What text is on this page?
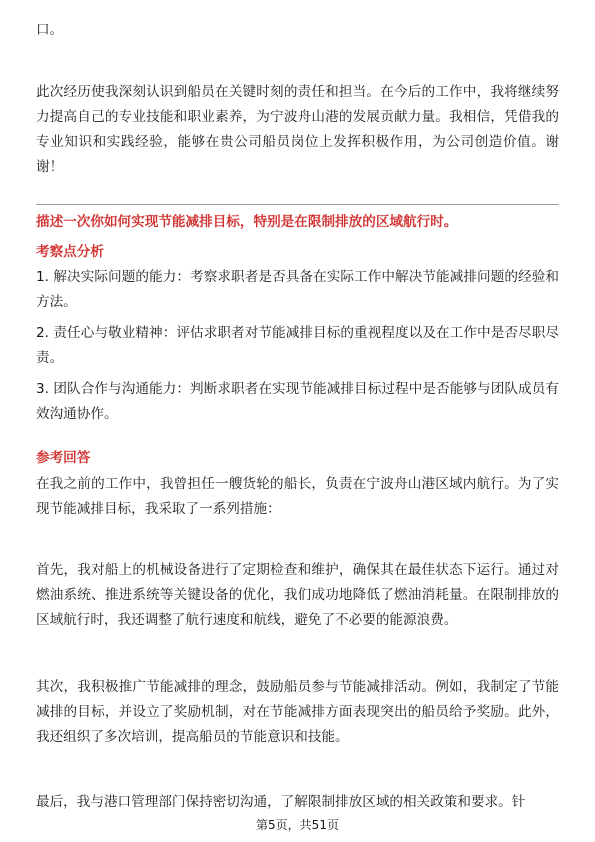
口。

此次经历使我深刻认识到船员在关键时刻的责任和担当。在今后的工作中，我将继续努力提高自己的专业技能和职业素养，为宁波舟山港的发展贡献力量。我相信，凭借我的专业知识和实践经验，能够在贵公司船员岗位上发挥积极作用，为公司创造价值。谢谢！

描述一次你如何实现节能减排目标，特别是在限制排放的区域航行时。

考察点分析

1. 解决实际问题的能力：考察求职者是否具备在实际工作中解决节能减排问题的经验和方法。

2. 责任心与敬业精神：评估求职者对节能减排目标的重视程度以及在工作中是否尽职尽责。

3. 团队合作与沟通能力：判断求职者在实现节能减排目标过程中是否能够与团队成员有效沟通协作。

参考回答

在我之前的工作中，我曾担任一艘货轮的船长，负责在宁波舟山港区域内航行。为了实现节能减排目标，我采取了一系列措施：

首先，我对船上的机械设备进行了定期检查和维护，确保其在最佳状态下运行。通过对燃油系统、推进系统等关键设备的优化，我们成功地降低了燃油消耗量。在限制排放的区域航行时，我还调整了航行速度和航线，避免了不必要的能源浪费。

其次，我积极推广节能减排的理念，鼓励船员参与节能减排活动。例如，我制定了节能减排的目标，并设立了奖励机制，对在节能减排方面表现突出的船员给予奖励。此外，我还组织了多次培训，提高船员的节能意识和技能。

最后，我与港口管理部门保持密切沟通，了解限制排放区域的相关政策和要求。针

第5页，共51页
